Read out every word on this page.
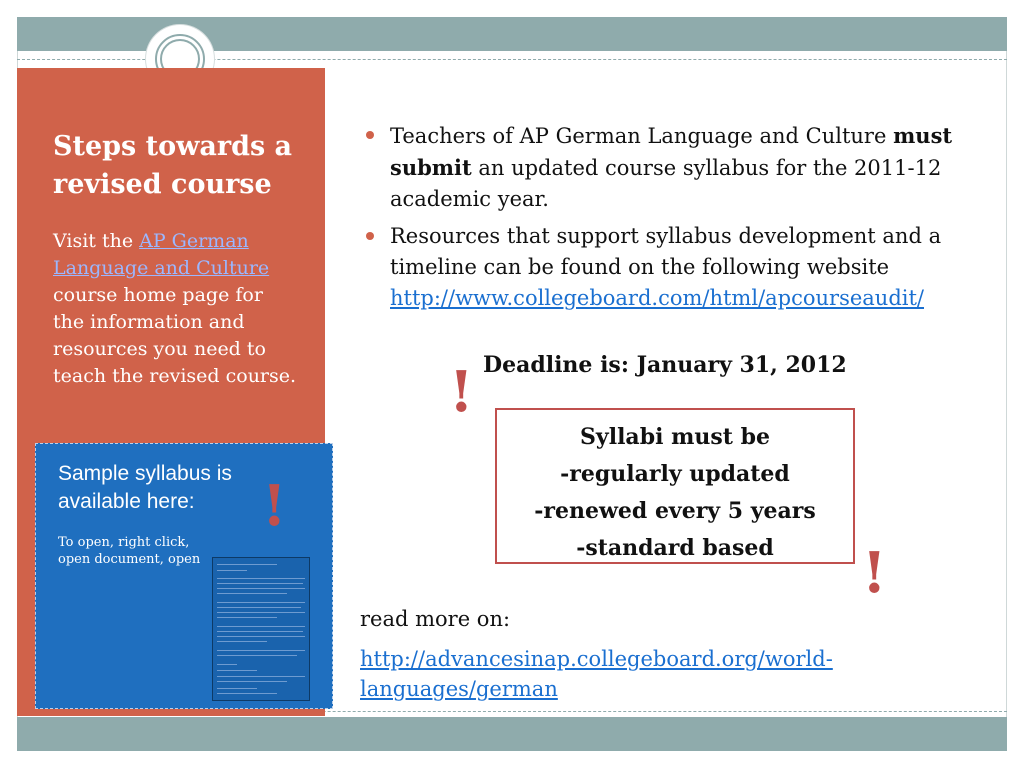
Steps towards a revised course
Visit the AP German Language and Culture course home page for the information and resources you need to teach the revised course.
Sample syllabus is available here:
To open, right click, open document, open
!
!
!
Teachers of AP German Language and Culture must submit an updated course syllabus for the 2011-12 academic year.
Resources that support syllabus development and a timeline can be found on the following website http://www.collegeboard.com/html/apcourseaudit/
Deadline is: January 31, 2012
Syllabi must be
-regularly updated
-renewed every 5 years
-standard based
read more on:
http://advancesinap.collegeboard.org/world-languages/german
